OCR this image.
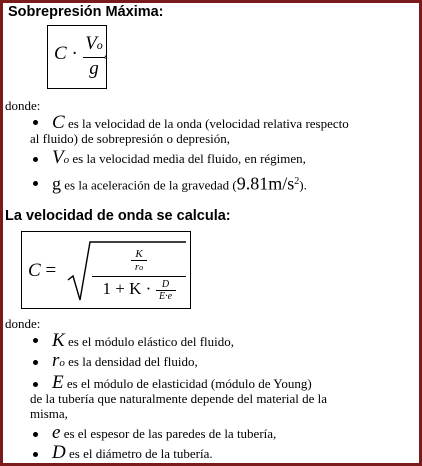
Sobrepresión Máxima:
C · Vo
g
,
donde:
C es la velocidad de la onda (velocidad relativa respecto
al fluido) de sobrepresión o depresión,
Vo es la velocidad media del fluido, en régimen,
g es la aceleración de la gravedad $(9.81m/s^2)$.
La velocidad de onda se calcula:
C =	$\frac{K}{ro}$
$1 + K \cdot \frac{D}{E\cdot e}$
donde:
K es el módulo elástico del fluido,
ro es la densidad del fluido,
E es el módulo de elasticidad (módulo de Young)
de la tubería que naturalmente depende del material de la
misma,
e es el espesor de las paredes de la tubería,
D es el diámetro de la tubería.
